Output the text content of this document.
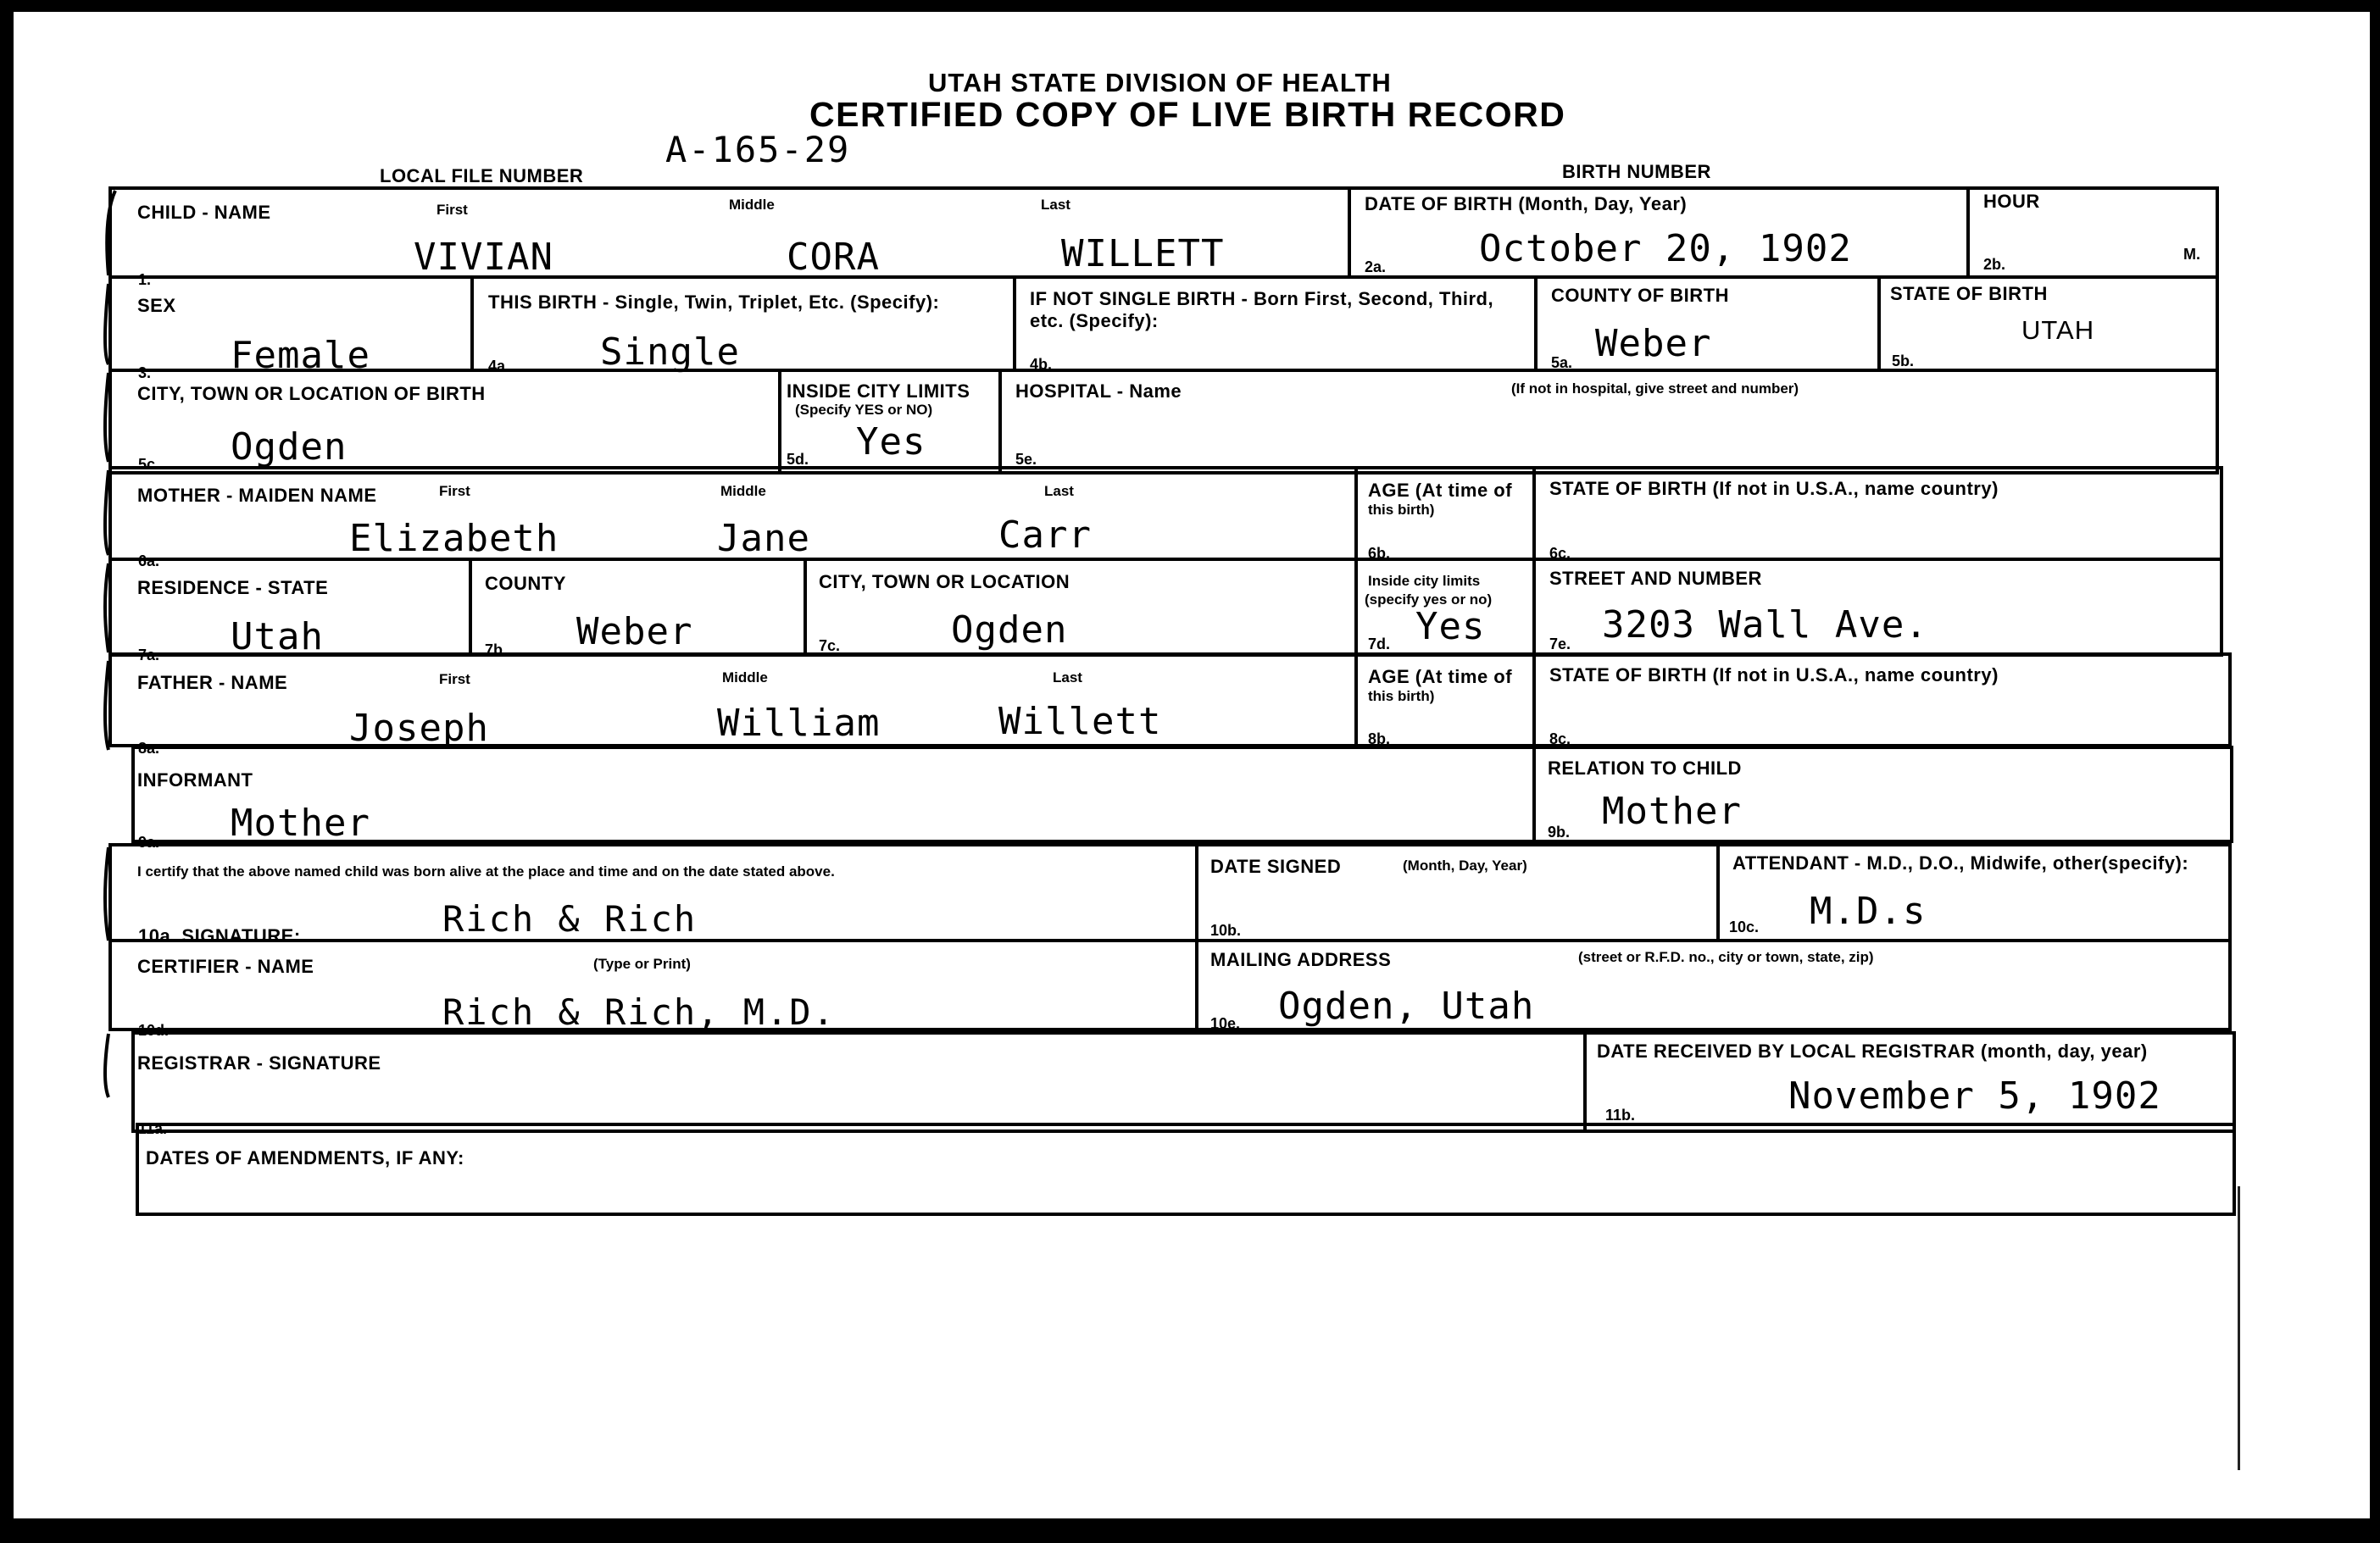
UTAH STATE DIVISION OF HEALTH
CERTIFIED COPY OF LIVE BIRTH RECORD
LOCAL FILE NUMBER
A-165-29
BIRTH NUMBER
CHILD - NAME	First	Middle	Last
1.
VIVIAN	CORA	WILLETT
DATE OF BIRTH (Month, Day, Year)
2a. October 20, 1902
HOUR
2b.
M.
SEX
3. Female
THIS BIRTH - Single, Twin, Triplet, Etc. (Specify):
4a. Single
IF NOT SINGLE BIRTH - Born First, Second, Third,
etc. (Specify):
4b.
COUNTY OF BIRTH
5a. Weber
STATE OF BIRTH
5b.
UTAH
CITY, TOWN OR LOCATION OF BIRTH
5c. Ogden
INSIDE CITY LIMITS
(Specify YES or NO)
5d. Yes
HOSPITAL - Name	(If not in hospital, give street and number)
5e.
MOTHER - MAIDEN NAME	First	Middle	Last
6a.
Elizabeth	Jane	Carr
AGE (At time of
this birth)
6b.
STATE OF BIRTH (If not in U.S.A., name country)
6c.
RESIDENCE - STATE
7a. Utah
COUNTY
7b. Weber
CITY, TOWN OR LOCATION
7c.	Ogden
Inside city limits
(specify yes or no)
7d. Yes
STREET AND NUMBER
7e. 3203 Wall Ave.
FATHER - NAME	First	Middle	Last
8a.	Joseph	William	Willett
AGE (At time of
this birth)
8b.
STATE OF BIRTH (If not in U.S.A., name country)
8c.
INFORMANT
9a. Mother
RELATION TO CHILD
9b. Mother
I certify that the above named child was born alive at the place and time and on the date stated above.
10a. SIGNATURE:	Rich & Rich
DATE SIGNED	(Month, Day, Year)
10b.
ATTENDANT - M.D., D.O., Midwife, other(specify):
10c. M.D.s
CERTIFIER - NAME	(Type or Print)
10d.	Rich & Rich, M.D.
MAILING ADDRESS	(street or R.F.D. no., city or town, state, zip)
10e. Ogden, Utah
REGISTRAR - SIGNATURE
11a.
DATE RECEIVED BY LOCAL REGISTRAR (month, day, year)
11b.	November 5, 1902
DATES OF AMENDMENTS, IF ANY:
